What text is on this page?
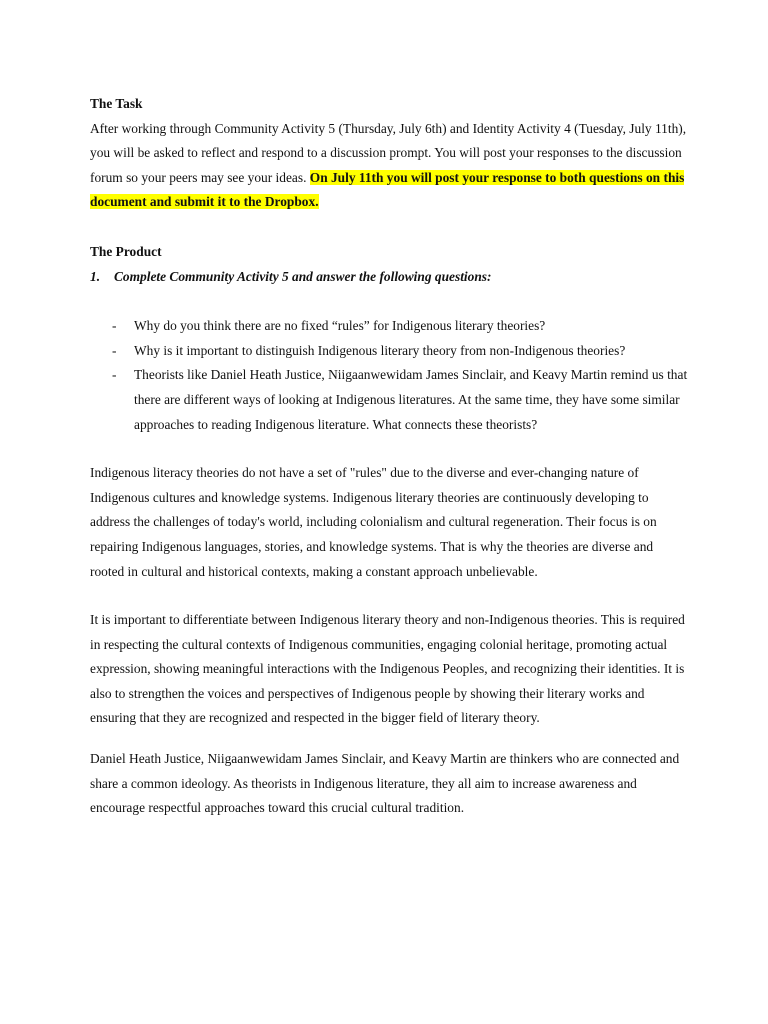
The Task

After working through Community Activity 5 (Thursday, July 6th) and Identity Activity 4 (Tuesday, July 11th), you will be asked to reflect and respond to a discussion prompt. You will post your responses to the discussion forum so your peers may see your ideas. On July 11th you will post your response to both questions on this document and submit it to the Dropbox.

The Product

1.	Complete Community Activity 5 and answer the following questions:

-	Why do you think there are no fixed “rules” for Indigenous literary theories?
-	Why is it important to distinguish Indigenous literary theory from non-Indigenous theories?
-	Theorists like Daniel Heath Justice, Niigaanwewidam James Sinclair, and Keavy Martin remind us that there are different ways of looking at Indigenous literatures. At the same time, they have some similar approaches to reading Indigenous literature. What connects these theorists?

Indigenous literacy theories do not have a set of "rules" due to the diverse and ever-changing nature of Indigenous cultures and knowledge systems. Indigenous literary theories are continuously developing to address the challenges of today's world, including colonialism and cultural regeneration. Their focus is on repairing Indigenous languages, stories, and knowledge systems. That is why the theories are diverse and rooted in cultural and historical contexts, making a constant approach unbelievable.

It is important to differentiate between Indigenous literary theory and non-Indigenous theories. This is required in respecting the cultural contexts of Indigenous communities, engaging colonial heritage, promoting actual expression, showing meaningful interactions with the Indigenous Peoples, and recognizing their identities. It is also to strengthen the voices and perspectives of Indigenous people by showing their literary works and ensuring that they are recognized and respected in the bigger field of literary theory.

Daniel Heath Justice, Niigaanwewidam James Sinclair, and Keavy Martin are thinkers who are connected and share a common ideology. As theorists in Indigenous literature, they all aim to increase awareness and encourage respectful approaches toward this crucial cultural tradition.
